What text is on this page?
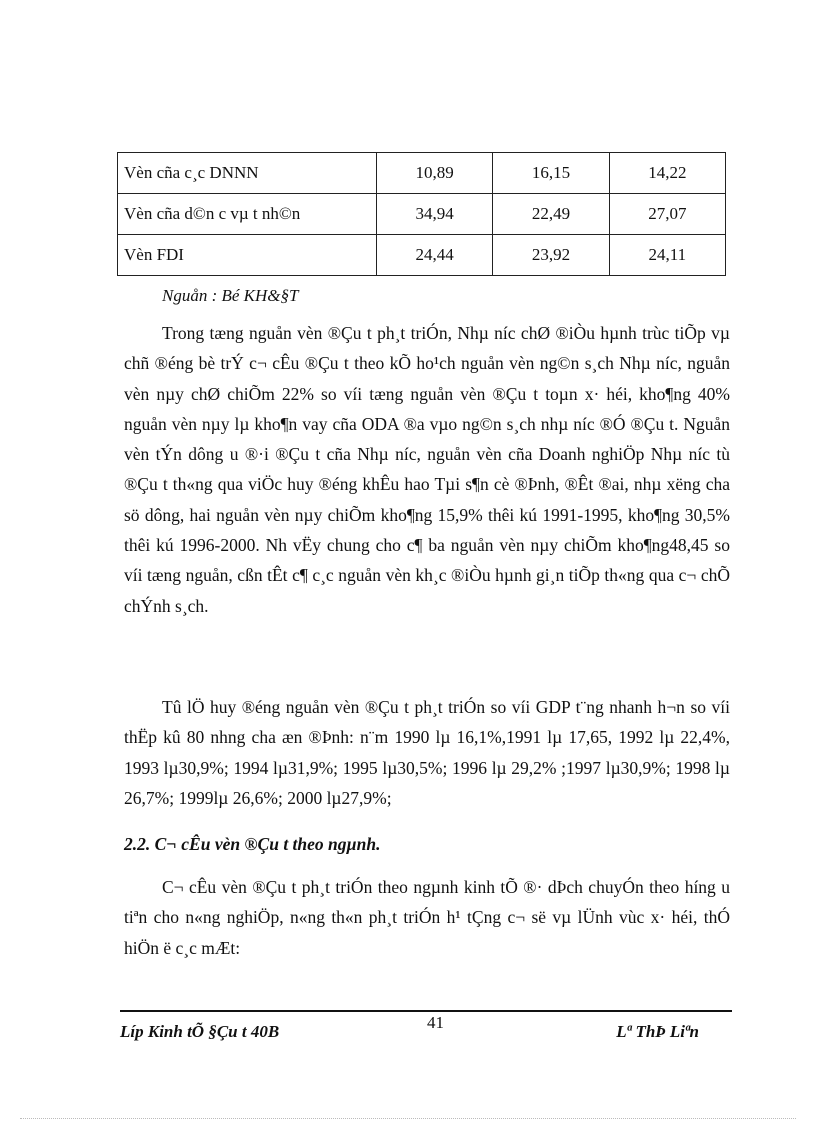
Vèn cña c¸c DNNN	10,89	16,15	14,22
Vèn cña d©n c vµ t nh©n	34,94	22,49	27,07
Vèn FDI	24,44	23,92	24,11
Nguån : Bé KH&§T

Trong tæng nguån vèn ®Çu t ph¸t triÓn, Nhµ níc chØ ®iÒu hµnh trùc tiÕp vµ chñ ®éng bè trÝ c¬ cÊu ®Çu t theo kÕ ho¹ch nguån vèn ng©n s¸ch Nhµ níc, nguån vèn nµy chØ chiÕm 22% so víi tæng nguån vèn ®Çu t toµn x· héi, kho¶ng 40% nguån vèn nµy lµ kho¶n vay cña ODA ®a vµo ng©n s¸ch nhµ níc ®Ó ®Çu t. Nguån vèn tÝn dông u ®·i ®Çu t cña Nhµ níc, nguån vèn cña Doanh nghiÖp Nhµ níc tù ®Çu t th«ng qua viÖc huy ®éng khÊu hao Tµi s¶n cè ®Þnh, ®Êt ®ai, nhµ xëng cha sö dông, hai nguån vèn nµy chiÕm kho¶ng 15,9% thêi kú 1991-1995, kho¶ng 30,5% thêi kú 1996-2000. Nh vËy chung cho c¶ ba nguån vèn nµy chiÕm kho¶ng48,45 so víi tæng nguån, cßn tÊt c¶ c¸c nguån vèn kh¸c ®iÒu hµnh gi¸n tiÕp th«ng qua c¬ chÕ chÝnh s¸ch.

Tû lÖ huy ®éng nguån vèn ®Çu t ph¸t triÓn so víi GDP t¨ng nhanh h¬n so víi thËp kû 80 nhng cha æn ®Þnh: n¨m 1990 lµ 16,1%,1991 lµ 17,65, 1992 lµ 22,4%, 1993 lµ30,9%; 1994 lµ31,9%; 1995 lµ30,5%; 1996 lµ 29,2% ;1997 lµ30,9%; 1998 lµ 26,7%; 1999lµ 26,6%; 2000 lµ27,9%;

2.2. C¬ cÊu vèn ®Çu t theo ngµnh.

C¬ cÊu vèn ®Çu t ph¸t triÓn theo ngµnh kinh tÕ ®· dÞch chuyÓn theo híng u tiªn cho n«ng nghiÖp, n«ng th«n ph¸t triÓn h¹ tÇng c¬ së vµ lÜnh vùc x· héi, thÓ hiÖn ë c¸c mÆt:

Líp Kinh tÕ §Çu t 40B	41	Lª ThÞ Liªn
